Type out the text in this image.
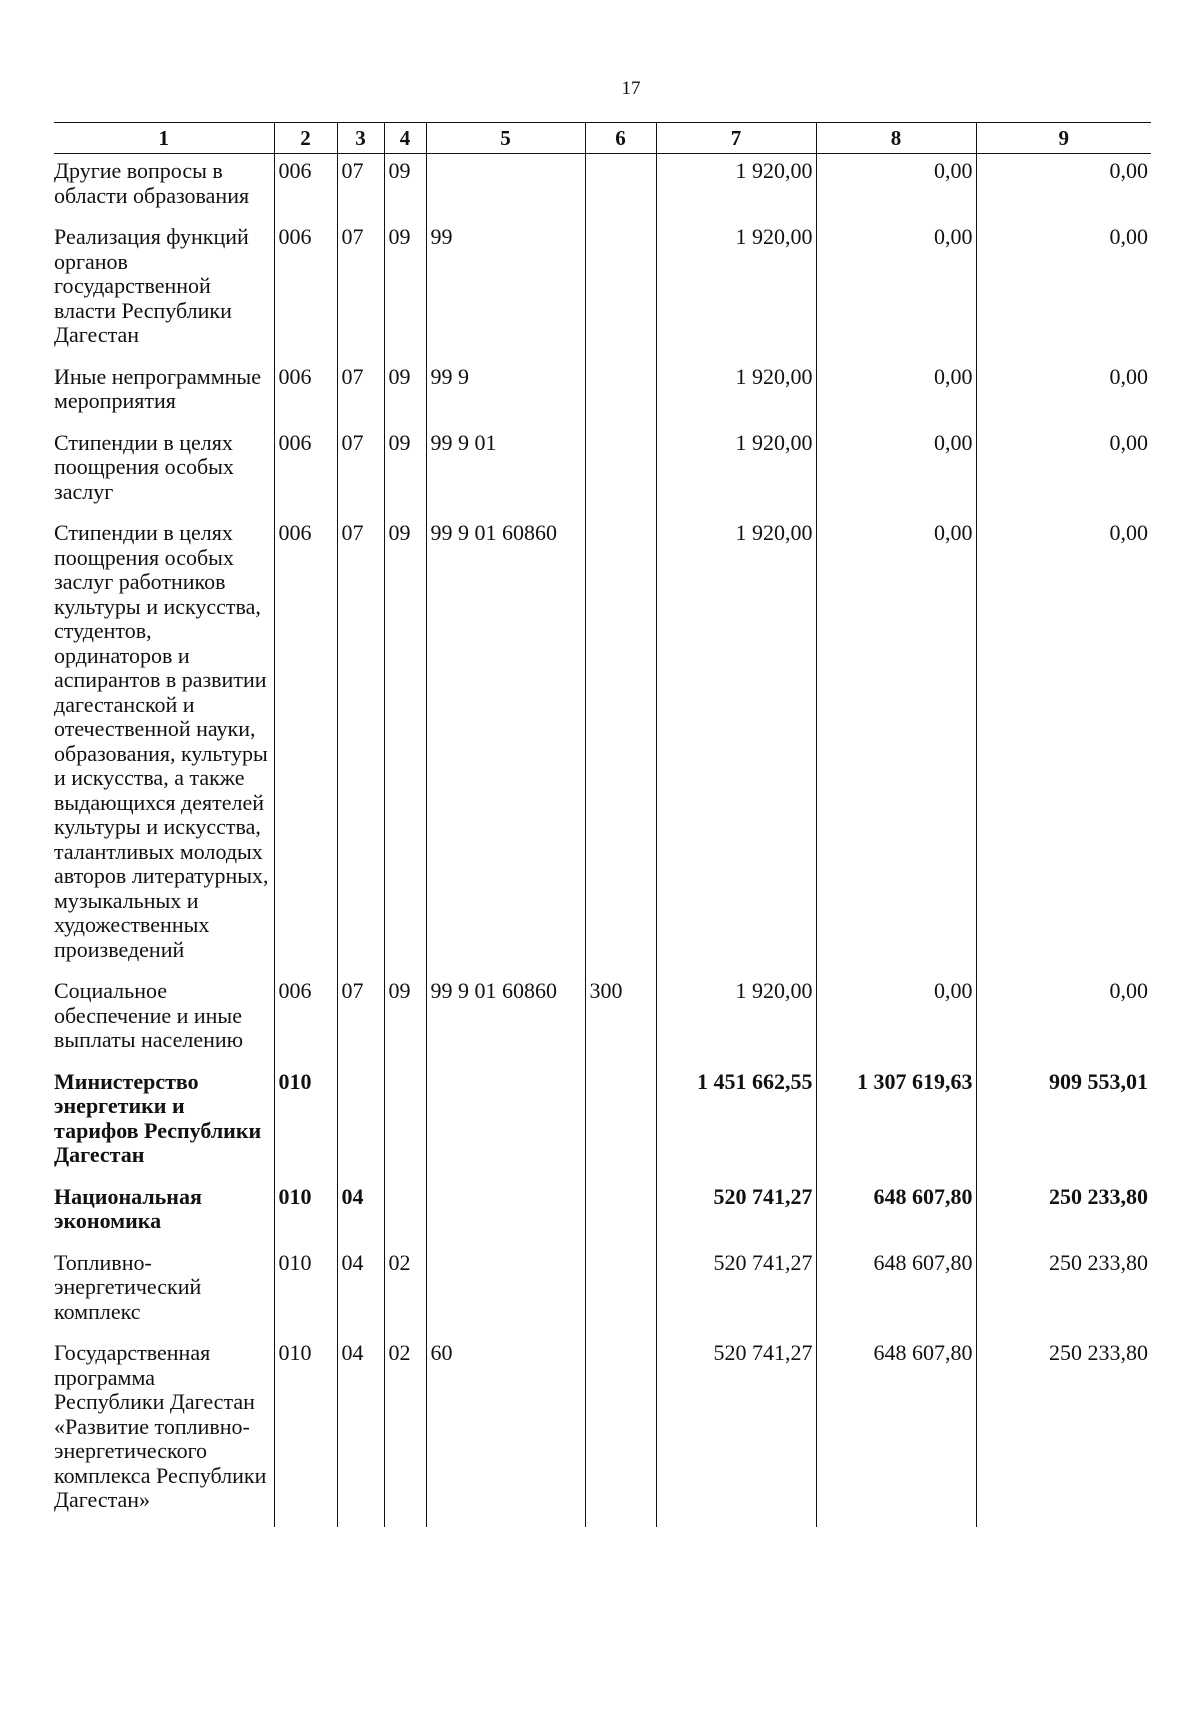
17
1	2	3	4	5	6	7	8	9
Другие вопросы в области образования	006	07	09			1 920,00	0,00	0,00
Реализация функций органов государственной власти Республики Дагестан	006	07	09	99		1 920,00	0,00	0,00
Иные непрограммные мероприятия	006	07	09	99 9		1 920,00	0,00	0,00
Стипендии в целях поощрения особых заслуг	006	07	09	99 9 01		1 920,00	0,00	0,00
Стипендии в целях поощрения особых заслуг работников культуры и искусства, студентов, ординаторов и аспирантов в развитии дагестанской и отечественной науки, образования, культуры и искусства, а также выдающихся деятелей культуры и искусства, талантливых молодых авторов литературных, музыкальных и художественных произведений	006	07	09	99 9 01 60860		1 920,00	0,00	0,00
Социальное обеспечение и иные выплаты населению	006	07	09	99 9 01 60860	300	1 920,00	0,00	0,00
Министерство энергетики и тарифов Республики Дагестан	010					1 451 662,55	1 307 619,63	909 553,01
Национальная экономика	010	04				520 741,27	648 607,80	250 233,80
Топливно-энергетический комплекс	010	04	02			520 741,27	648 607,80	250 233,80
Государственная программа Республики Дагестан «Развитие топливно-энергетического комплекса Республики Дагестан»	010	04	02	60		520 741,27	648 607,80	250 233,80
